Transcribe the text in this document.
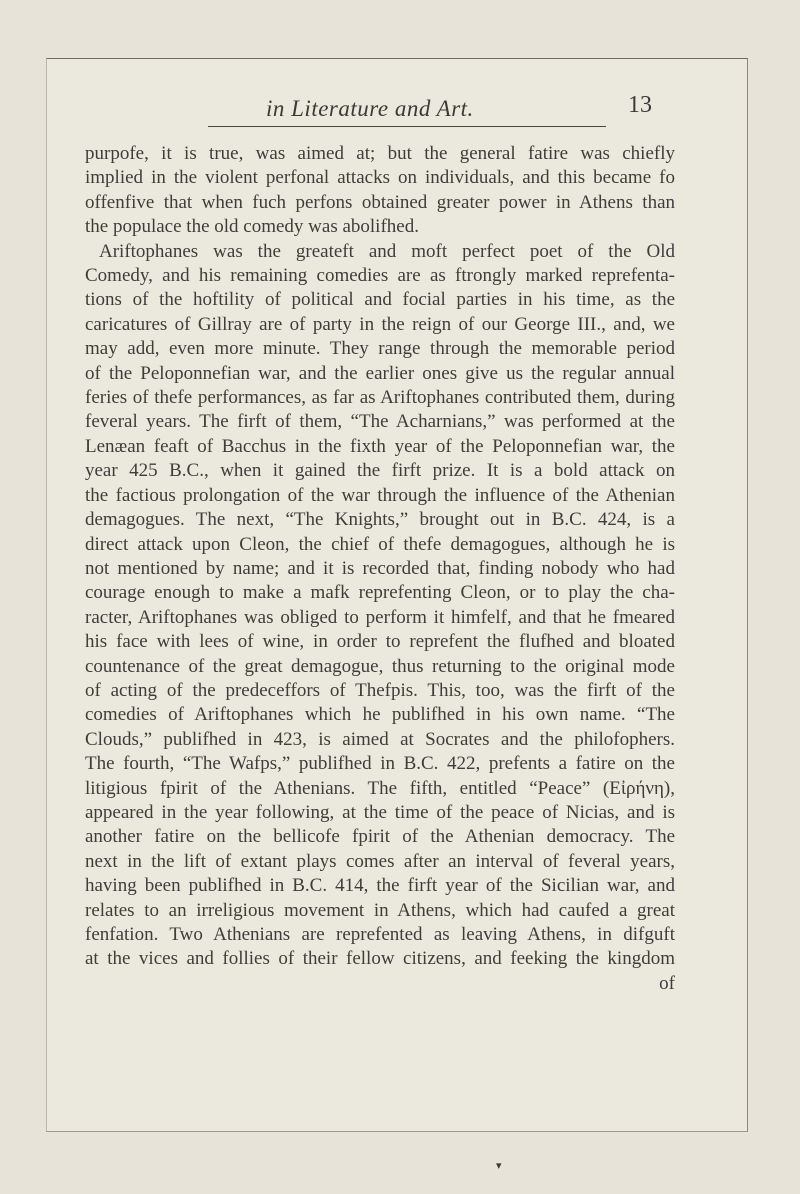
in Literature and Art.	13
purpofe, it is true, was aimed at; but the general fatire was chiefly
implied in the violent perfonal attacks on individuals, and this became fo
offenfive that when fuch perfons obtained greater power in Athens than
the populace the old comedy was abolifhed.
Ariftophanes was the greateft and moft perfect poet of the Old
Comedy, and his remaining comedies are as ftrongly marked reprefenta-
tions of the hoftility of political and focial parties in his time, as the
caricatures of Gillray are of party in the reign of our George III., and, we
may add, even more minute. They range through the memorable period
of the Peloponnefian war, and the earlier ones give us the regular annual
feries of thefe performances, as far as Ariftophanes contributed them, during
feveral years. The firft of them, “The Acharnians,” was performed at the
Lenæan feaft of Bacchus in the fixth year of the Peloponnefian war, the
year 425 B.C., when it gained the firft prize. It is a bold attack on
the factious prolongation of the war through the influence of the Athenian
demagogues. The next, “The Knights,” brought out in B.C. 424, is a
direct attack upon Cleon, the chief of thefe demagogues, although he is
not mentioned by name; and it is recorded that, finding nobody who had
courage enough to make a mafk reprefenting Cleon, or to play the cha-
racter, Ariftophanes was obliged to perform it himfelf, and that he fmeared
his face with lees of wine, in order to reprefent the flufhed and bloated
countenance of the great demagogue, thus returning to the original mode
of acting of the predeceffors of Thefpis. This, too, was the firft of the
comedies of Ariftophanes which he publifhed in his own name. “The
Clouds,” publifhed in 423, is aimed at Socrates and the philofophers.
The fourth, “The Wafps,” publifhed in B.C. 422, prefents a fatire on the
litigious fpirit of the Athenians. The fifth, entitled “Peace” (Εἰρήνη),
appeared in the year following, at the time of the peace of Nicias, and is
another fatire on the bellicofe fpirit of the Athenian democracy. The
next in the lift of extant plays comes after an interval of feveral years,
having been publifhed in B.C. 414, the firft year of the Sicilian war, and
relates to an irreligious movement in Athens, which had caufed a great
fenfation. Two Athenians are reprefented as leaving Athens, in difguft
at the vices and follies of their fellow citizens, and feeking the kingdom
of
▾
